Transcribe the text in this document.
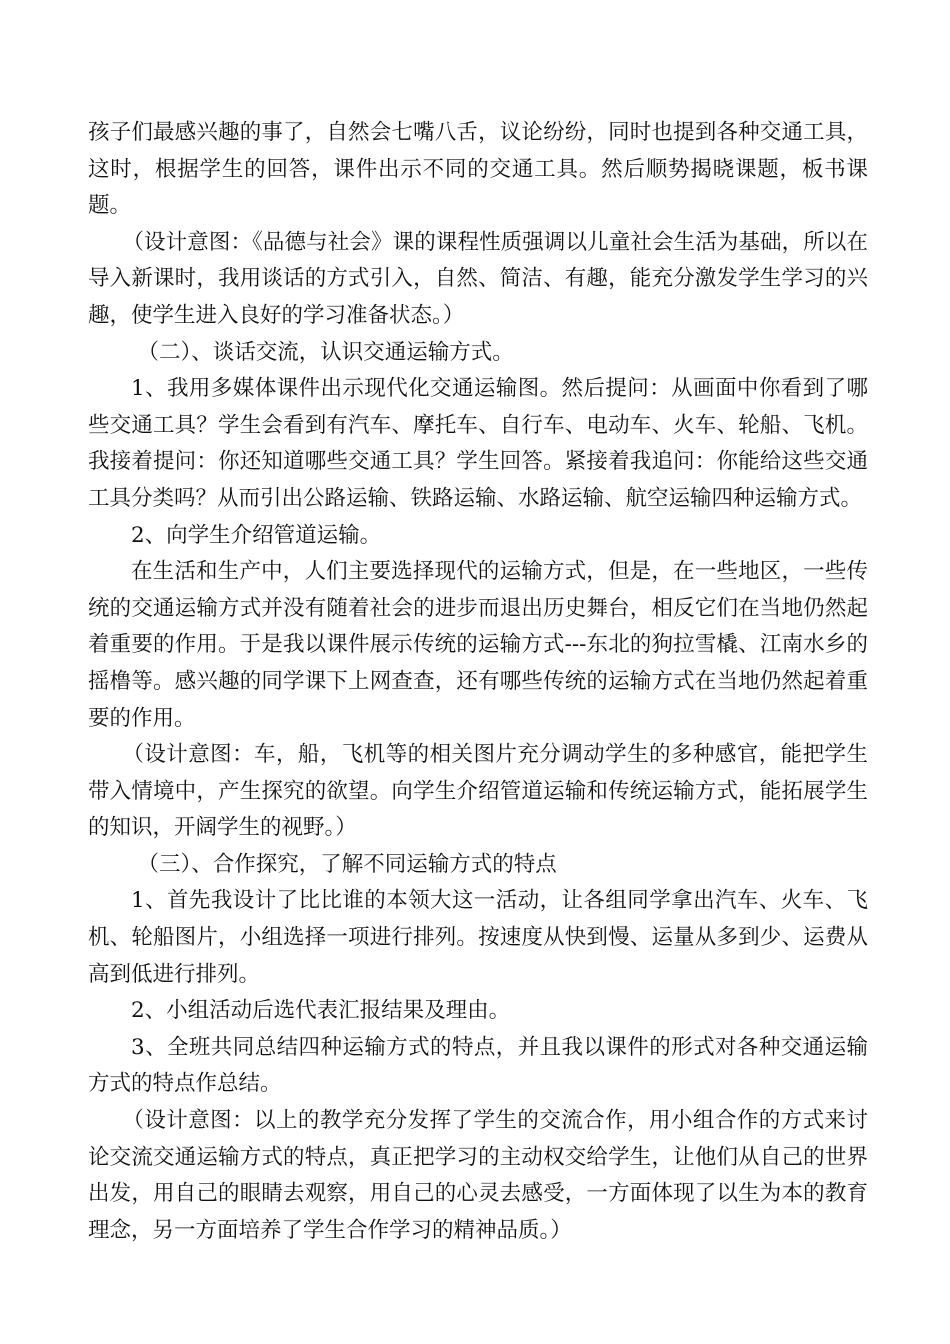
孩子们最感兴趣的事了，自然会七嘴八舌，议论纷纷，同时也提到各种交通工具，这时，根据学生的回答，课件出示不同的交通工具。然后顺势揭晓课题，板书课题。

（设计意图：《品德与社会》课的课程性质强调以儿童社会生活为基础，所以在导入新课时，我用谈话的方式引入，自然、简洁、有趣，能充分激发学生学习的兴趣，使学生进入良好的学习准备状态。）

（二）、谈话交流，认识交通运输方式。

1、我用多媒体课件出示现代化交通运输图。然后提问：从画面中你看到了哪些交通工具？学生会看到有汽车、摩托车、自行车、电动车、火车、轮船、飞机。我接着提问：你还知道哪些交通工具？学生回答。紧接着我追问：你能给这些交通工具分类吗？从而引出公路运输、铁路运输、水路运输、航空运输四种运输方式。

2、向学生介绍管道运输。

在生活和生产中，人们主要选择现代的运输方式，但是，在一些地区，一些传统的交通运输方式并没有随着社会的进步而退出历史舞台，相反它们在当地仍然起着重要的作用。于是我以课件展示传统的运输方式---东北的狗拉雪橇、江南水乡的摇橹等。感兴趣的同学课下上网查查，还有哪些传统的运输方式在当地仍然起着重要的作用。

（设计意图：车，船，飞机等的相关图片充分调动学生的多种感官，能把学生带入情境中，产生探究的欲望。向学生介绍管道运输和传统运输方式，能拓展学生的知识，开阔学生的视野。）

（三）、合作探究，了解不同运输方式的特点

1、首先我设计了比比谁的本领大这一活动，让各组同学拿出汽车、火车、飞机、轮船图片，小组选择一项进行排列。按速度从快到慢、运量从多到少、运费从高到低进行排列。

2、小组活动后选代表汇报结果及理由。

3、全班共同总结四种运输方式的特点，并且我以课件的形式对各种交通运输方式的特点作总结。

（设计意图：以上的教学充分发挥了学生的交流合作，用小组合作的方式来讨论交流交通运输方式的特点，真正把学习的主动权交给学生，让他们从自己的世界出发，用自己的眼睛去观察，用自己的心灵去感受，一方面体现了以生为本的教育理念，另一方面培养了学生合作学习的精神品质。）
